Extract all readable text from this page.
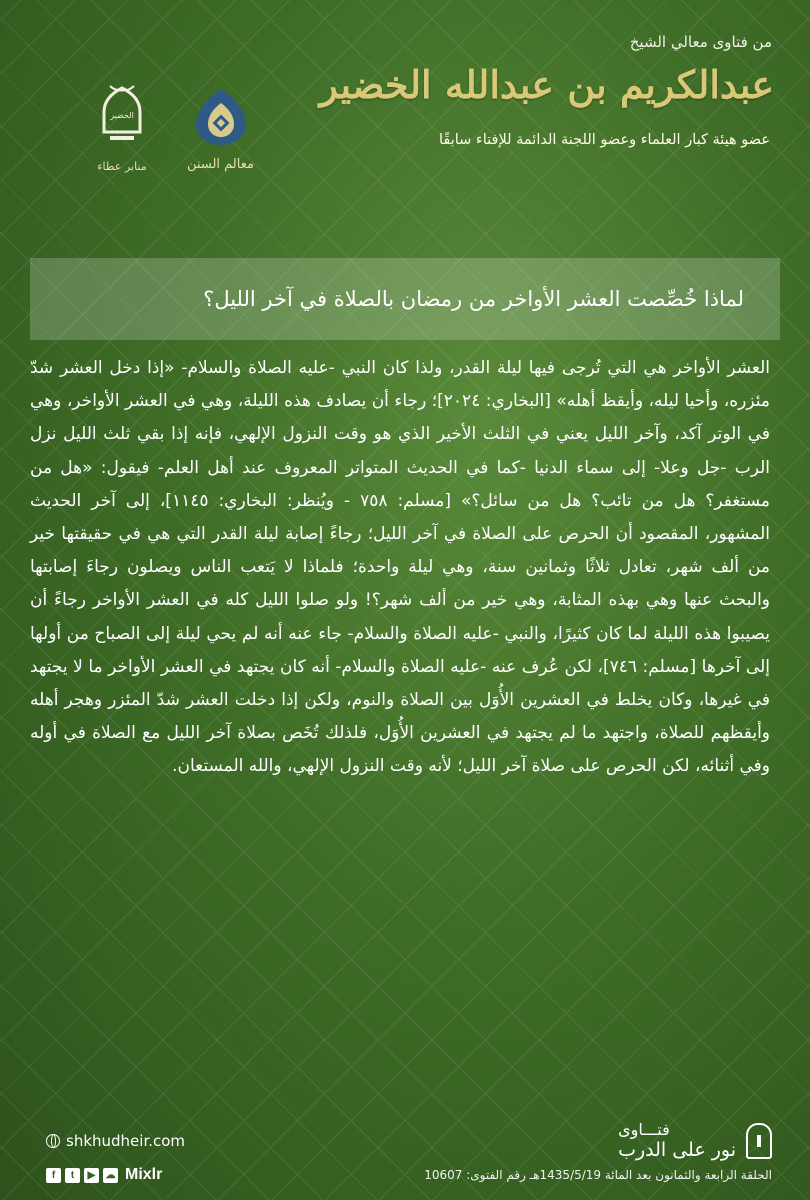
من فتاوى معالي الشيخ
عبدالكريم بن عبدالله الخضير
عضو هيئة كبار العلماء وعضو اللجنة الدائمة للإفتاء سابقًا
معالم السنن
الخضير
منابر عطاء
لماذا خُصِّصت العشر الأواخر من رمضان بالصلاة في آخر الليل؟

العشر الأواخر هي التي تُرجى فيها ليلة القدر، ولذا كان النبي -عليه الصلاة والسلام- «إذا دخل العشر شدّ مئزره، وأحيا ليله، وأيقظ أهله» [البخاري: ٢٠٢٤]؛ رجاء أن يصادف هذه الليلة، وهي في العشر الأواخر، وهي في الوتر آكد، وآخر الليل يعني في الثلث الأخير الذي هو وقت النزول الإلهي، فإنه إذا بقي ثلث الليل نزل الرب -جل وعلا- إلى سماء الدنيا -كما في الحديث المتواتر المعروف عند أهل العلم- فيقول: «هل من مستغفر؟ هل من تائب؟ هل من سائل؟» [مسلم: ٧٥٨ - ويُنظر: البخاري: ١١٤٥]، إلى آخر الحديث المشهور، المقصود أن الحرص على الصلاة في آخر الليل؛ رجاءً إصابة ليلة القدر التي هي في حقيقتها خير من ألف شهر، تعادل ثلاثًا وثمانين سنة، وهي ليلة واحدة؛ فلماذا لا يَتعب الناس ويصلون رجاءَ إصابتها والبحث عنها وهي بهذه المثابة، وهي خير من ألف شهر؟! ولو صلوا الليل كله في العشر الأواخر رجاءً أن يصيبوا هذه الليلة لما كان كثيرًا، والنبي -عليه الصلاة والسلام- جاء عنه أنه لم يحي ليلة إلى الصباح من أولها إلى آخرها [مسلم: ٧٤٦]، لكن عُرف عنه -عليه الصلاة والسلام- أنه كان يجتهد في العشر الأواخر ما لا يجتهد في غيرها، وكان يخلط في العشرين الأُوَل بين الصلاة والنوم، ولكن إذا دخلت العشر شدّ المئزر وهجر أهله وأيقظهم للصلاة، واجتهد ما لم يجتهد في العشرين الأُوَل، فلذلك تُخَص بصلاة آخر الليل مع الصلاة في أوله وفي أثنائه، لكن الحرص على صلاة آخر الليل؛ لأنه وقت النزول الإلهي، والله المستعان.

shkhudheir.com
f	t	▶	☁ Mixlr
فتـــاوى
نور على الدرب
الحلقة الرابعة والثمانون بعد المائة 1435/5/19هـ رقم الفتوى: 10607
